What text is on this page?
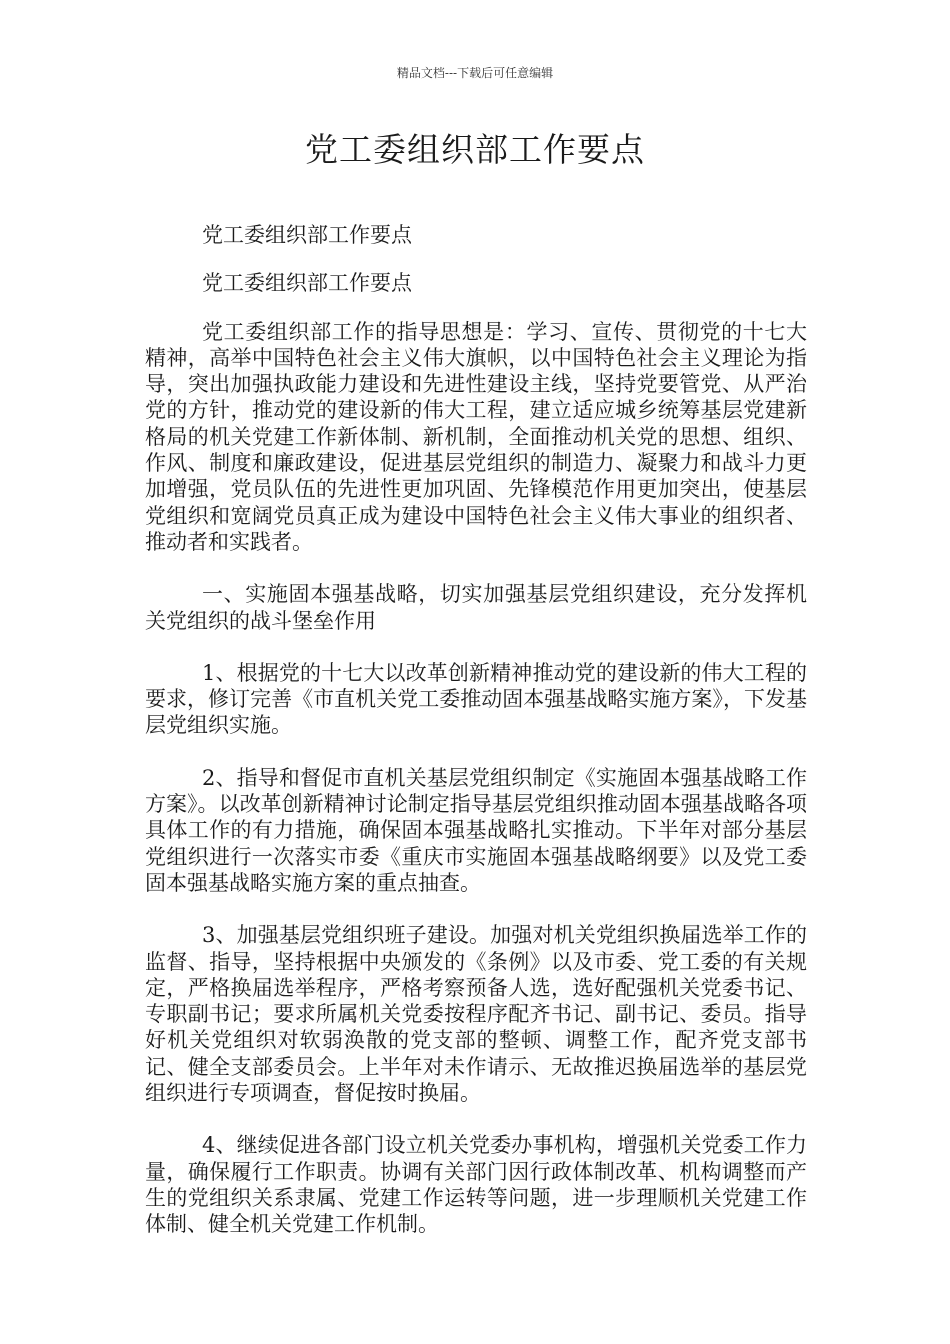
精品文档---下载后可任意编辑
党工委组织部工作要点

党工委组织部工作要点

党工委组织部工作要点

党工委组织部工作的指导思想是：学习、宣传、贯彻党的十七大精神，高举中国特色社会主义伟大旗帜，以中国特色社会主义理论为指导，突出加强执政能力建设和先进性建设主线，坚持党要管党、从严治党的方针，推动党的建设新的伟大工程，建立适应城乡统筹基层党建新格局的机关党建工作新体制、新机制，全面推动机关党的思想、组织、作风、制度和廉政建设，促进基层党组织的制造力、凝聚力和战斗力更加增强，党员队伍的先进性更加巩固、先锋模范作用更加突出，使基层党组织和宽阔党员真正成为建设中国特色社会主义伟大事业的组织者、推动者和实践者。

一、实施固本强基战略，切实加强基层党组织建设，充分发挥机关党组织的战斗堡垒作用

1、根据党的十七大以改革创新精神推动党的建设新的伟大工程的要求，修订完善《市直机关党工委推动固本强基战略实施方案》，下发基层党组织实施。

2、指导和督促市直机关基层党组织制定《实施固本强基战略工作方案》。以改革创新精神讨论制定指导基层党组织推动固本强基战略各项具体工作的有力措施，确保固本强基战略扎实推动。下半年对部分基层党组织进行一次落实市委《重庆市实施固本强基战略纲要》以及党工委固本强基战略实施方案的重点抽查。

3、加强基层党组织班子建设。加强对机关党组织换届选举工作的监督、指导，坚持根据中央颁发的《条例》以及市委、党工委的有关规定，严格换届选举程序，严格考察预备人选，选好配强机关党委书记、专职副书记；要求所属机关党委按程序配齐书记、副书记、委员。指导好机关党组织对软弱涣散的党支部的整顿、调整工作，配齐党支部书记、健全支部委员会。上半年对未作请示、无故推迟换届选举的基层党组织进行专项调查，督促按时换届。

4、继续促进各部门设立机关党委办事机构，增强机关党委工作力量，确保履行工作职责。协调有关部门因行政体制改革、机构调整而产生的党组织关系隶属、党建工作运转等问题，进一步理顺机关党建工作体制、健全机关党建工作机制。
